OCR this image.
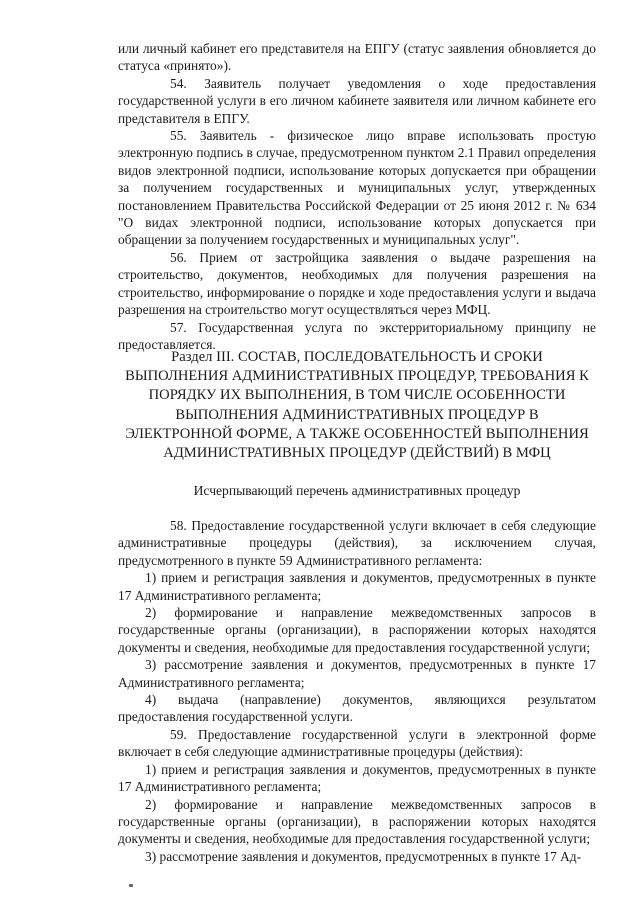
или личный кабинет его представителя на ЕПГУ (статус заявления обновляется до статуса «принято»).

54. Заявитель получает уведомления о ходе предоставления государственной услуги в его личном кабинете заявителя или личном кабинете его представителя в ЕПГУ.

55. Заявитель - физическое лицо вправе использовать простую электронную подпись в случае, предусмотренном пунктом 2.1 Правил определения видов электронной подписи, использование которых допускается при обращении за получением государственных и муниципальных услуг, утвержденных постановлением Правительства Российской Федерации от 25 июня 2012 г. № 634 "О видах электронной подписи, использование которых допускается при обращении за получением государственных и муниципальных услуг".

56. Прием от застройщика заявления о выдаче разрешения на строительство, документов, необходимых для получения разрешения на строительство, информирование о порядке и ходе предоставления услуги и выдача разрешения на строительство могут осуществляться через МФЦ.

57. Государственная услуга по экстерриториальному принципу не предоставляется.

Раздел III. СОСТАВ, ПОСЛЕДОВАТЕЛЬНОСТЬ И СРОКИ ВЫПОЛНЕНИЯ АДМИНИСТРАТИВНЫХ ПРОЦЕДУР, ТРЕБОВАНИЯ К ПОРЯДКУ ИХ ВЫПОЛНЕНИЯ, В ТОМ ЧИСЛЕ ОСОБЕННОСТИ ВЫПОЛНЕНИЯ АДМИНИСТРАТИВНЫХ ПРОЦЕДУР В ЭЛЕКТРОННОЙ ФОРМЕ, А ТАКЖЕ ОСОБЕННОСТЕЙ ВЫПОЛНЕНИЯ АДМИНИСТРАТИВНЫХ ПРОЦЕДУР (ДЕЙСТВИЙ) В МФЦ

Исчерпывающий перечень административных процедур

58. Предоставление государственной услуги включает в себя следующие административные процедуры (действия), за исключением случая, предусмотренного в пункте 59 Административного регламента:

1) прием и регистрация заявления и документов, предусмотренных в пункте 17 Административного регламента;

2) формирование и направление межведомственных запросов в государственные органы (организации), в распоряжении которых находятся документы и сведения, необходимые для предоставления государственной услуги;

3) рассмотрение заявления и документов, предусмотренных в пункте 17 Административного регламента;

4) выдача (направление) документов, являющихся результатом предоставления государственной услуги.

59. Предоставление государственной услуги в электронной форме включает в себя следующие административные процедуры (действия):

1) прием и регистрация заявления и документов, предусмотренных в пункте 17 Административного регламента;

2) формирование и направление межведомственных запросов в государственные органы (организации), в распоряжении которых находятся документы и сведения, необходимые для предоставления государственной услуги;

3) рассмотрение заявления и документов, предусмотренных в пункте 17 Ад-
